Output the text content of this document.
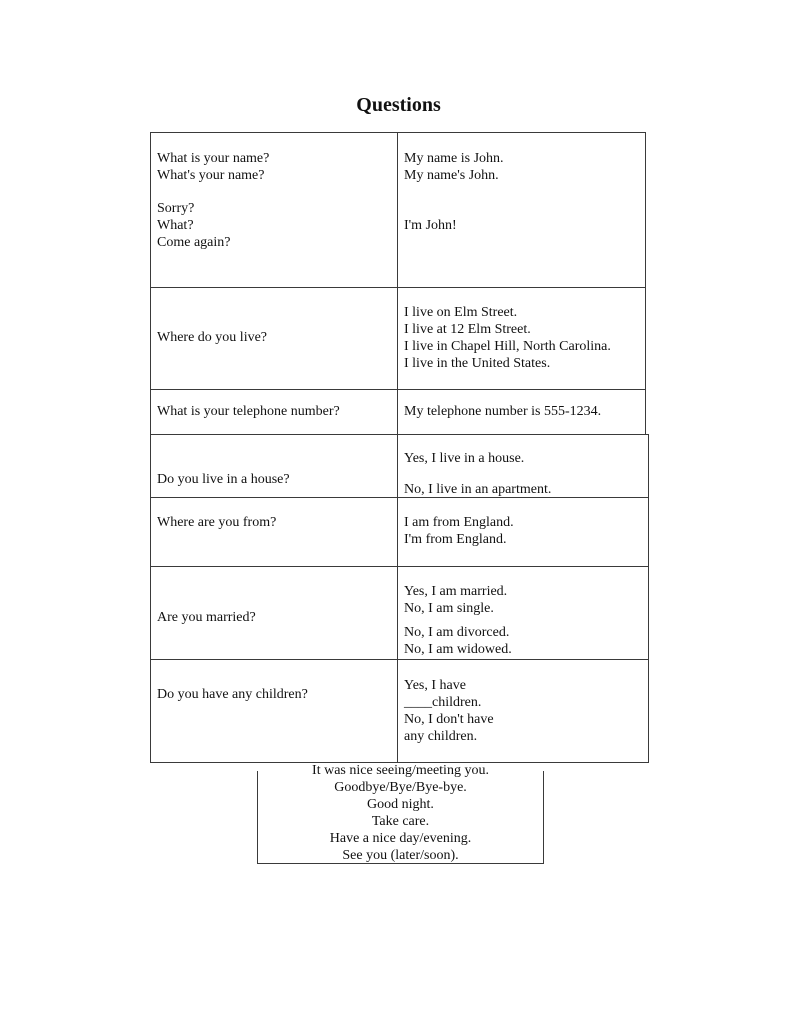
Questions
What is your name?
What's your name?
Sorry?
What?
Come again?
My name is John.
My name's John.
I'm John!
Where do you live?
I live on Elm Street.
I live at 12 Elm Street.
I live in Chapel Hill, North Carolina.
I live in the United States.
What is your telephone number?	My telephone number is 555-1234.
Do you live in a house?
Yes, I live in a house.
No, I live in an apartment.
Where are you from?	I am from England.
I'm from England.
Are you married?
Yes, I am married.
No, I am single.
No, I am divorced.
No, I am widowed.
Do you have any children?
Yes, I have
____children.
No, I don't have
any children.
It was nice seeing/meeting you.
Goodbye/Bye/Bye-bye.
Good night.
Take care.
Have a nice day/evening.
See you (later/soon).
